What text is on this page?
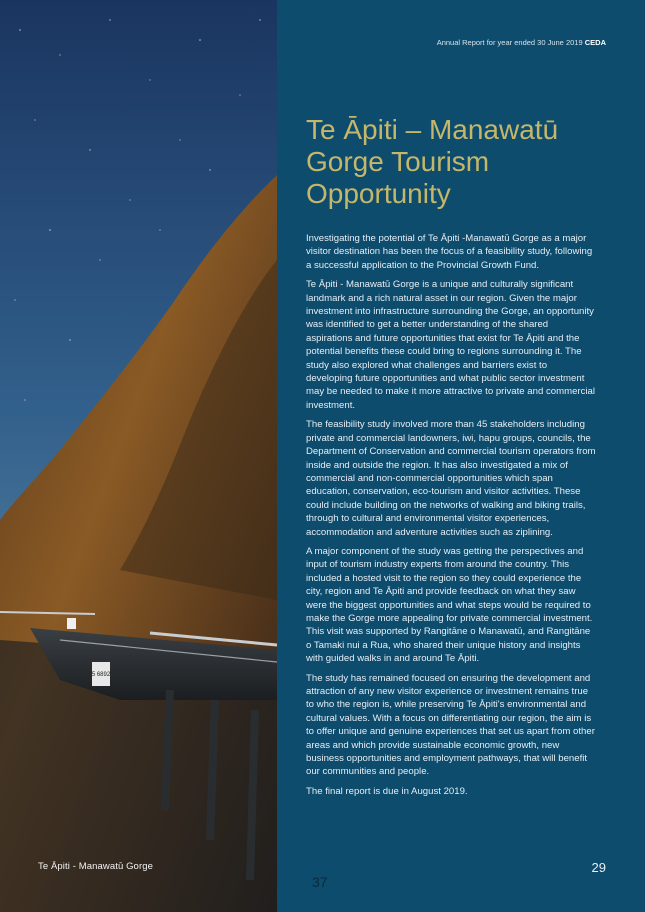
5 6892
Te Āpiti - Manawatū Gorge
Annual Report for year ended 30 June 2019 CEDA
Te Āpiti – Manawatū
Gorge Tourism
Opportunity

Investigating the potential of Te Āpiti -Manawatū Gorge as a major visitor destination has been the focus of a feasibility study, following a successful application to the Provincial Growth Fund.

Te Āpiti - Manawatū Gorge is a unique and culturally significant landmark and a rich natural asset in our region. Given the major investment into infrastructure surrounding the Gorge, an opportunity was identified to get a better understanding of the shared aspirations and future opportunities that exist for Te Āpiti and the potential benefits these could bring to regions surrounding it. The study also explored what challenges and barriers exist to developing future opportunities and what public sector investment may be needed to make it more attractive to private and commercial investment.

The feasibility study involved more than 45 stakeholders including private and commercial landowners, iwi, hapu groups, councils, the Department of Conservation and commercial tourism operators from inside and outside the region. It has also investigated a mix of commercial and non-commercial opportunities which span education, conservation, eco-tourism and visitor activities. These could include building on the networks of walking and biking trails, through to cultural and environmental visitor experiences, accommodation and adventure activities such as ziplining.

A major component of the study was getting the perspectives and input of tourism industry experts from around the country. This included a hosted visit to the region so they could experience the city, region and Te Āpiti and provide feedback on what they saw were the biggest opportunities and what steps would be required to make the Gorge more appealing for private commercial investment. This visit was supported by Rangitāne o Manawatū, and Rangitāne o Tamaki nui a Rua, who shared their unique history and insights with guided walks in and around Te Āpiti.

The study has remained focused on ensuring the development and attraction of any new visitor experience or investment remains true to who the region is, while preserving Te Āpiti's environmental and cultural values. With a focus on differentiating our region, the aim is to offer unique and genuine experiences that set us apart from other areas and which provide sustainable economic growth, new business opportunities and employment pathways, that will benefit our communities and people.

The final report is due in August 2019.

29
37
